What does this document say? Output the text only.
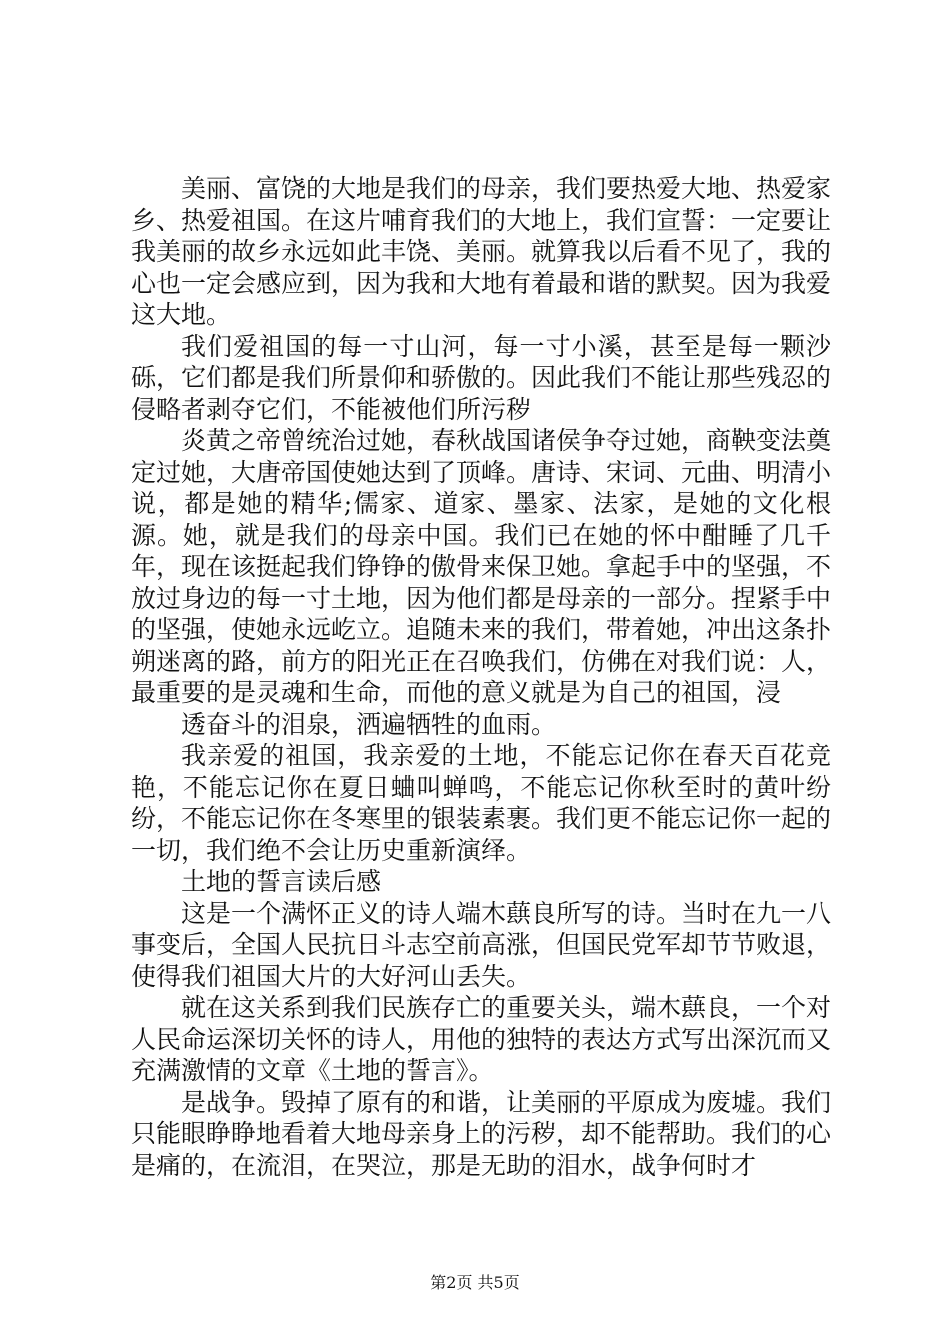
美丽、富饶的大地是我们的母亲，我们要热爱大地、热爱家乡、热爱祖国。在这片哺育我们的大地上，我们宣誓：一定要让我美丽的故乡永远如此丰饶、美丽。就算我以后看不见了，我的心也一定会感应到，因为我和大地有着最和谐的默契。因为我爱这大地。

我们爱祖国的每一寸山河，每一寸小溪，甚至是每一颗沙砾，它们都是我们所景仰和骄傲的。因此我们不能让那些残忍的侵略者剥夺它们，不能被他们所污秽

炎黄之帝曾统治过她，春秋战国诸侯争夺过她，商鞅变法奠定过她，大唐帝国使她达到了顶峰。唐诗、宋词、元曲、明清小说，都是她的精华;儒家、道家、墨家、法家，是她的文化根源。她，就是我们的母亲中国。我们已在她的怀中酣睡了几千年，现在该挺起我们铮铮的傲骨来保卫她。拿起手中的坚强，不放过身边的每一寸土地，因为他们都是母亲的一部分。捏紧手中的坚强，使她永远屹立。追随未来的我们，带着她，冲出这条扑朔迷离的路，前方的阳光正在召唤我们，仿佛在对我们说：人，最重要的是灵魂和生命，而他的意义就是为自己的祖国，浸

透奋斗的泪泉，洒遍牺牲的血雨。

我亲爱的祖国，我亲爱的土地，不能忘记你在春天百花竞艳，不能忘记你在夏日蛐叫蝉鸣，不能忘记你秋至时的黄叶纷纷，不能忘记你在冬寒里的银装素裹。我们更不能忘记你一起的一切，我们绝不会让历史重新演绎。

土地的誓言读后感

这是一个满怀正义的诗人端木蕻良所写的诗。当时在九一八事变后，全国人民抗日斗志空前高涨，但国民党军却节节败退，使得我们祖国大片的大好河山丢失。

就在这关系到我们民族存亡的重要关头，端木蕻良，一个对人民命运深切关怀的诗人，用他的独特的表达方式写出深沉而又充满激情的文章《土地的誓言》。

是战争。毁掉了原有的和谐，让美丽的平原成为废墟。我们只能眼睁睁地看着大地母亲身上的污秽，却不能帮助。我们的心是痛的，在流泪，在哭泣，那是无助的泪水，战争何时才

第2页 共5页
